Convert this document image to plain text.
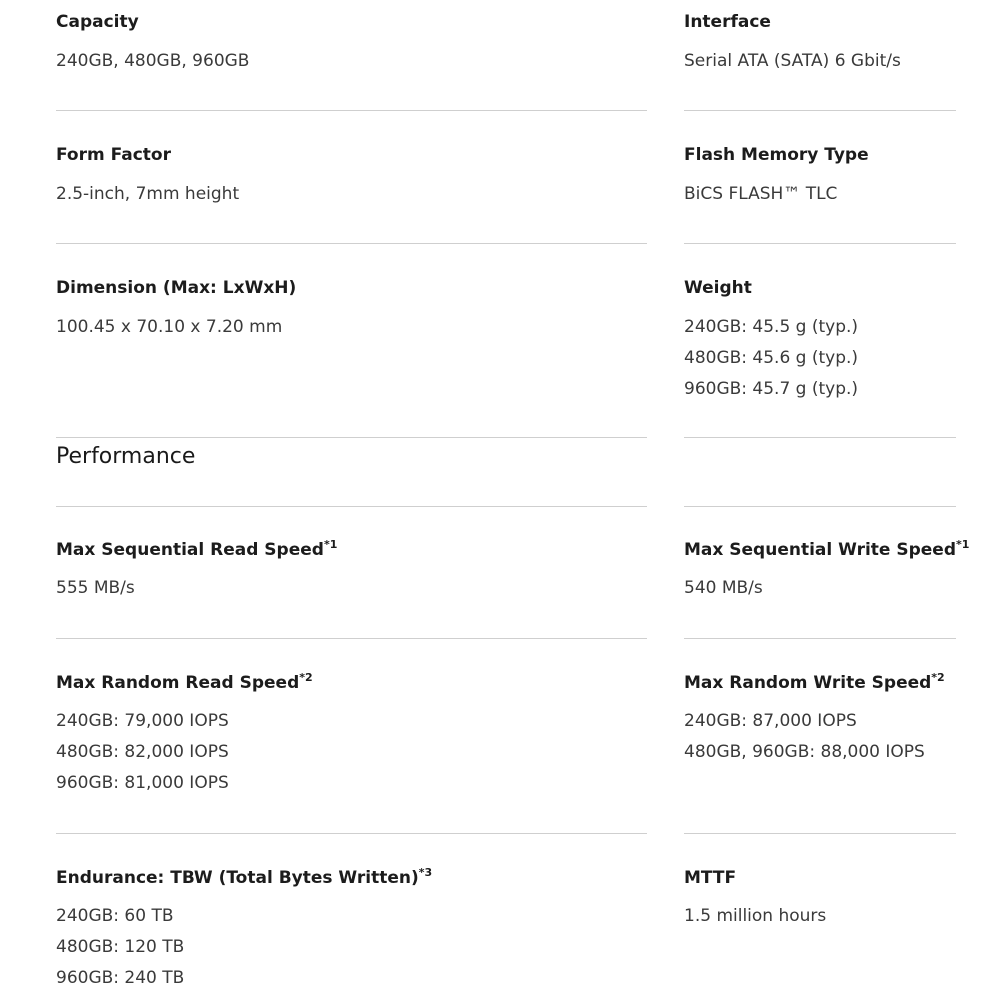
Capacity
240GB, 480GB, 960GB
Interface
Serial ATA (SATA) 6 Gbit/s
Form Factor
2.5-inch, 7mm height
Flash Memory Type
BiCS FLASH™ TLC
Dimension (Max: LxWxH)
100.45 x 70.10 x 7.20 mm
Weight
240GB: 45.5 g (typ.)
480GB: 45.6 g (typ.)
960GB: 45.7 g (typ.)
Performance
Max Sequential Read Speed$^{*1}$
555 MB/s
Max Sequential Write Speed$^{*1}$
540 MB/s
Max Random Read Speed$^{*2}$
240GB: 79,000 IOPS
480GB: 82,000 IOPS
960GB: 81,000 IOPS
Max Random Write Speed$^{*2}$
240GB: 87,000 IOPS
480GB, 960GB: 88,000 IOPS
Endurance: TBW (Total Bytes Written)$^{*3}$
240GB: 60 TB
480GB: 120 TB
960GB: 240 TB
MTTF
1.5 million hours
